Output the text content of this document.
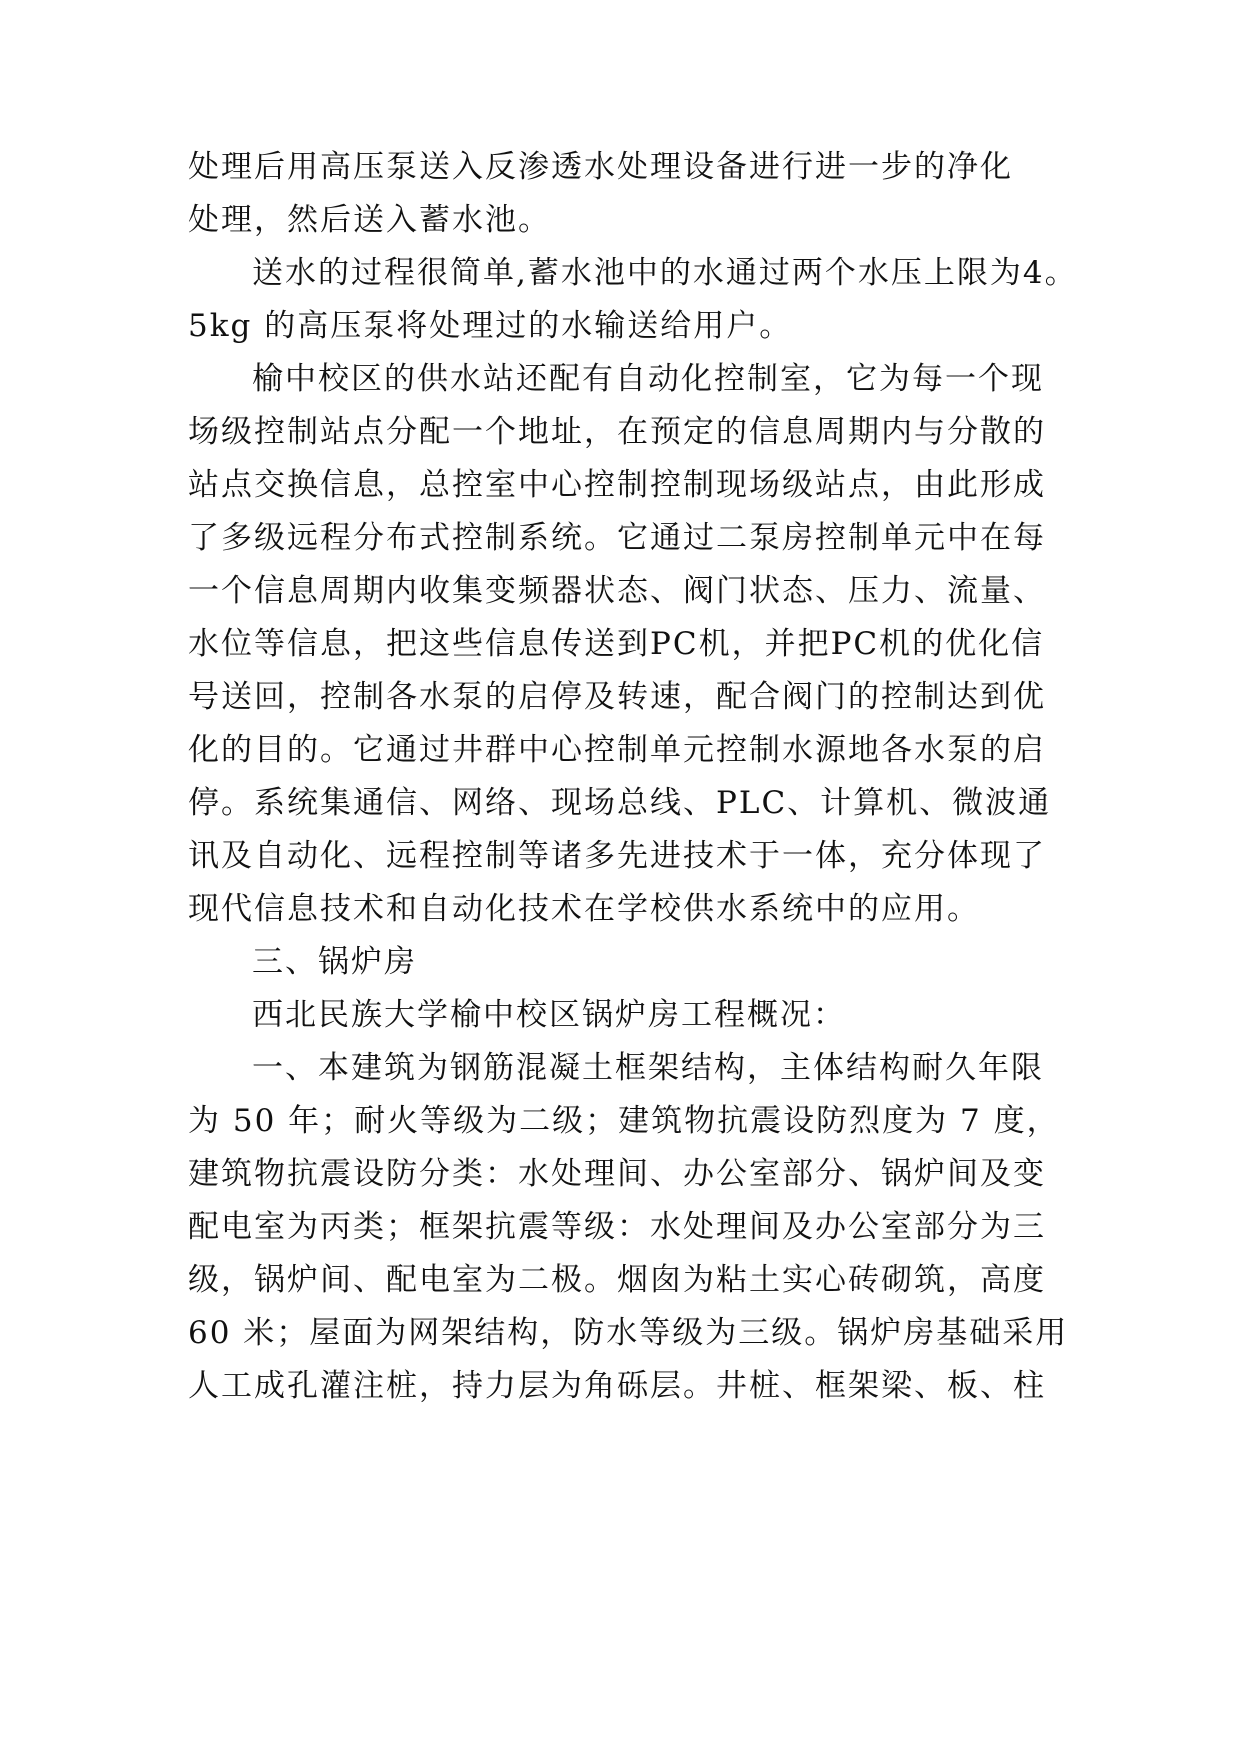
处理后用高压泵送入反渗透水处理设备进行进一步的净化
处理，然后送入蓄水池。
送水的过程很简单,蓄水池中的水通过两个水压上限为4。
5kg 的高压泵将处理过的水输送给用户。
榆中校区的供水站还配有自动化控制室，它为每一个现
场级控制站点分配一个地址，在预定的信息周期内与分散的
站点交换信息，总控室中心控制控制现场级站点，由此形成
了多级远程分布式控制系统。它通过二泵房控制单元中在每
一个信息周期内收集变频器状态、阀门状态、压力、流量、
水位等信息，把这些信息传送到PC机，并把PC机的优化信
号送回，控制各水泵的启停及转速，配合阀门的控制达到优
化的目的。它通过井群中心控制单元控制水源地各水泵的启
停。系统集通信、网络、现场总线、PLC、计算机、微波通
讯及自动化、远程控制等诸多先进技术于一体，充分体现了
现代信息技术和自动化技术在学校供水系统中的应用。
三、锅炉房
西北民族大学榆中校区锅炉房工程概况：
一、本建筑为钢筋混凝土框架结构，主体结构耐久年限
为 50 年；耐火等级为二级；建筑物抗震设防烈度为 7 度，
建筑物抗震设防分类：水处理间、办公室部分、锅炉间及变
配电室为丙类；框架抗震等级：水处理间及办公室部分为三
级，锅炉间、配电室为二极。烟囱为粘土实心砖砌筑，高度
60 米；屋面为网架结构，防水等级为三级。锅炉房基础采用
人工成孔灌注桩，持力层为角砾层。井桩、框架梁、板、柱
